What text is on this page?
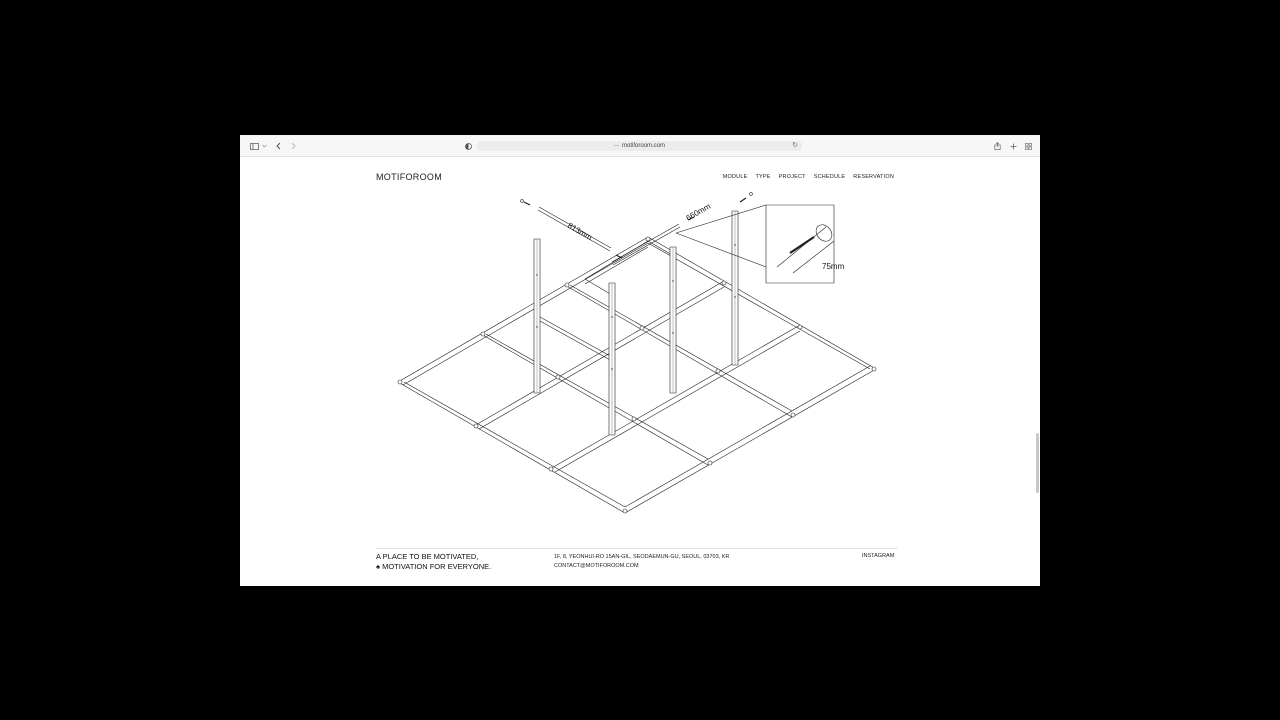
— motiforoom.com	↻
813mm
660mm
75mm
MOTIFOROOM	MODULE TYPE PROJECT SCHEDULE RESERVATION
A PLACE TO BE MOTIVATED,
♠ MOTIVATION FOR EVERYONE.
1F, 8, YEONHUI-RO 15AN-GIL, SEODAEMUN-GU, SEOUL, 03703, KR
CONTACT@MOTIFOROOM.COM
INSTAGRAM
